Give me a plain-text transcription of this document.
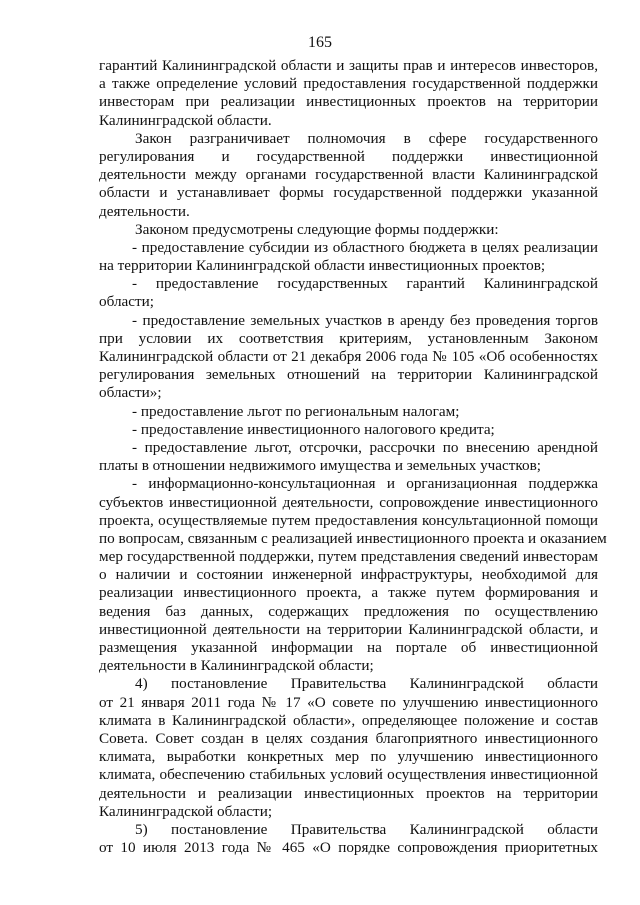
165
гарантий Калининградской области и защиты прав и интересов инвесторов,
а также определение условий предоставления государственной поддержки
инвесторам при реализации инвестиционных проектов на территории
Калининградской области.
Закон разграничивает полномочия в сфере государственного
регулирования и государственной поддержки инвестиционной
деятельности между органами государственной власти Калининградской
области и устанавливает формы государственной поддержки указанной
деятельности.
Законом предусмотрены следующие формы поддержки:
- предоставление субсидии из областного бюджета в целях реализации
на территории Калининградской области инвестиционных проектов;
- предоставление государственных гарантий Калининградской
области;
- предоставление земельных участков в аренду без проведения торгов
при условии их соответствия критериям, установленным Законом
Калининградской области от 21 декабря 2006 года № 105 «Об особенностях
регулирования земельных отношений на территории Калининградской
области»;
- предоставление льгот по региональным налогам;
- предоставление инвестиционного налогового кредита;
- предоставление льгот, отсрочки, рассрочки по внесению арендной
платы в отношении недвижимого имущества и земельных участков;
- информационно-консультационная и организационная поддержка
субъектов инвестиционной деятельности, сопровождение инвестиционного
проекта, осуществляемые путем предоставления консультационной помощи
по вопросам, связанным с реализацией инвестиционного проекта и оказанием
мер государственной поддержки, путем представления сведений инвесторам
о наличии и состоянии инженерной инфраструктуры, необходимой для
реализации инвестиционного проекта, а также путем формирования и
ведения баз данных, содержащих предложения по осуществлению
инвестиционной деятельности на территории Калининградской области, и
размещения указанной информации на портале об инвестиционной
деятельности в Калининградской области;
4) постановление Правительства Калининградской области
от 21 января 2011 года № 17 «О совете по улучшению инвестиционного
климата в Калининградской области», определяющее положение и состав
Совета. Совет создан в целях создания благоприятного инвестиционного
климата, выработки конкретных мер по улучшению инвестиционного
климата, обеспечению стабильных условий осуществления инвестиционной
деятельности и реализации инвестиционных проектов на территории
Калининградской области;
5) постановление Правительства Калининградской области
от 10 июля 2013 года № 465 «О порядке сопровождения приоритетных
